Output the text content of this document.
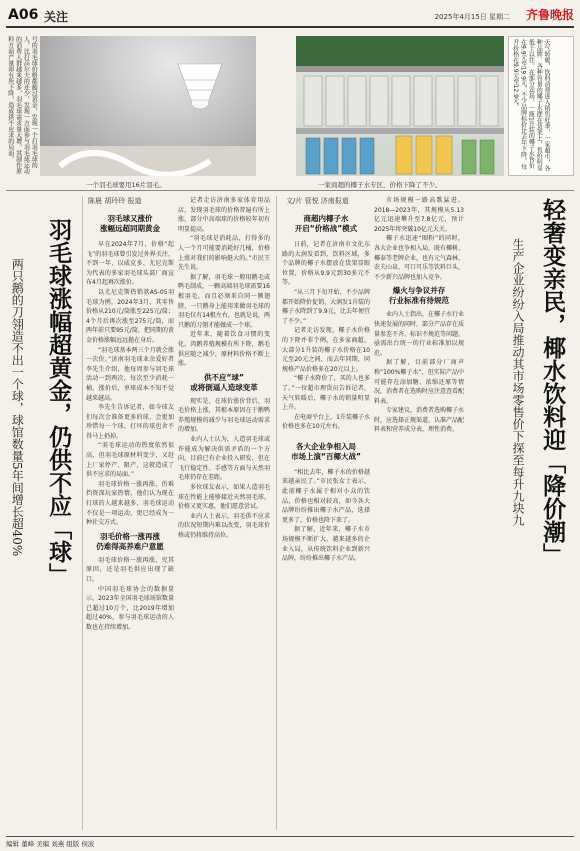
A06 关注	2025年4月15日 星期二 齐鲁晚报
号的羽毛球价格都超过黄金，发现一个打羽毛球的人，比打高尔夫的还少，发现一方面参与羽毛球运动的消费人群越来越多，羽毛球需求量大增，其制作原料方面产量却有所下降，造成供不应求的局面。
一个羽毛球要用16片羽毛。	一家商超的椰子水专区，价格下降了不少。
天气转暖，饮料消费进入销售旺季，一家超市，各种品牌、各种容量的椰子水摆在货架上，售价明显低于以往。在部分卖场，一瓶1升装的椰子水售价在9.9元至19.9元，不少品牌标价比去年下降，每升价格在9.9元至12.9元。
陈晨 胡玲玲 报道
羽毛球涨幅超黄金，仍供不应「球」
两只鹅的刀翎造不出一个球，球馆数量5年间增长超40%
羽毛球又涨价
涨幅远超同期黄金

早在2024年7月，价格“起飞”的羽毛球曾引发过外界关注，不到一年，以威克多、尤尼克斯为代表的多家羽毛球头部厂商宣布4月起再次涨价。

以尤尼克斯热销款AS-05羽毛球为例，2024年3月，其零售价格从210元/筒涨至225元/筒；4个月后再次涨至275元/筒，而两年前只要95元/筒，把同期的黄金价格涨幅远远抛在身后。

“羽毛球基本两三个月就会涨一次价。”济南羽毛球业余爱好者李先生介绍，他每周参与羽毛球活动一到两次，每次至少消耗一桶，涨价后，单球成本不知不觉越来越高。

李先生告诉记者，如今球友们每次会准备更多的球，会更加珍惜每一个球，打坏的球也舍不得马上扔掉。

“羽毛球运动的热度依然很高，但羽毛球原材料变少，又赶上厂家停产、限产，这就造成了供不应求的局面。”

羽毛球价格一涨再涨，仍难挡资深玩家热情，他们认为现在打球的人越来越多，羽毛球运动不仅是一项运动，更已经成为一种社交方式。

羽毛价格一涨再涨
仍难得高养难户意愿

羽毛球价格一涨再涨，究其原因，还是羽毛供应出现了缺口。

中国羽毛球协会的数据显示，2023年全国羽毛球场馆数量已超过10万个，比2019年增加超过40%，参与羽毛球运动的人数也在持续增加。

记者走访济南多家体育用品店，发现羽毛球的价格普遍有所上涨，部分中高端球的价格较年初有明显提高。

“羽毛球是消耗品，打得多的人一个月可能要消耗好几桶，价格上涨对我们的影响挺大的。”市民王先生说。

据了解，羽毛球一般用鹅毛或鸭毛制成，一颗高端羽毛球需要16根羽毛，而且必须来自同一侧翅膀，一只鹅身上能用来做羽毛球的羽毛仅有14根左右，也就是说，两只鹅的刀翎才能做成一个球。

近年来，随着饮食习惯的变化，肉鹅养殖规模有所下降，鹅毛供应随之减少，原材料价格不断上涨。

供不应“球”
或将倒逼人造球变革

现实是，在球价涨价背后，羽毛价格上涨，其根本原因在于鹅鸭养殖规模的减少与羽毛球运动需求的增加。

业内人士认为，人造羽毛球或许能成为解决供需矛盾的一个方向，目前已有企业投入研发，但在飞行稳定性、手感等方面与天然羽毛球仍存在差距。

多位球友表示，如果人造羽毛球在性能上能够接近天然羽毛球，价格又更实惠，他们愿意尝试。

业内人士表示，羽毛供不应求的状况短期内难以改变，羽毛球价格或仍将维持高位。

文/片 管悦 济南报道
商超内椰子水
开启“价格战”模式

日前，记者在济南市文化东路的大润发看到，饮料区域，多个品牌的椰子水摆放在货架显眼位置，价格从9.9元到30多元不等。

“从三月下旬开始，不少品牌都开始降价促销，大润发1升装的椰子水降到了9.9元，比去年便宜了不少。”

记者走访发现，椰子水价格的下降并非个例，在多家商超，大部分1升装的椰子水价格在10元至20元之间，而去年同期，同规格产品价格多在20元以上。

“椰子水降价了，买的人也多了。”一位超市理货员告诉记者，天气转暖后，椰子水的销量明显上升。

在电商平台上，1升装椰子水价格也多在10元左右。

各大企业争相入局
市场上演“百椰大战”

“相比去年，椰子水的价格越来越亲民了。”市民张女士表示，此前椰子水属于相对小众的饮品，价格也相对较高，如今各大品牌纷纷推出椰子水产品，选择更多了，价格也降下来了。

据了解，近年来，椰子水市场规模不断扩大，越来越多的企业入局，从传统饮料企业到新兴品牌，纷纷推出椰子水产品。

市场规模一路高歌猛进。2018—2023年，其规模从5.13亿元迅速攀升至7.8亿元，预计2025年将突破10亿元大关。

椰子水迅速“圈粉”的同时，各大企业也争相入局，既有椰树、椰泰等老牌企业，也有元气森林、农夫山泉、可口可乐等饮料巨头，不少新兴品牌也加入竞争。

爆火与争议并存
行业标准有待规范

业内人士指出，在椰子水行业快速发展的同时，部分产品存在质量参差不齐、标识不规范等问题，亟需出台统一的行业标准加以规范。

据了解，目前部分厂商声称“100%椰子水”，但实际产品中可能存在添加糖、浓缩还原等情况，消费者在选购时应注意查看配料表。

专家建议，消费者选购椰子水时，应选择正规渠道，认准产品配料表和营养成分表，理性消费。	轻奢变亲民，椰水饮料迎「降价潮」
生产企业纷纷入局推动其市场零售价下探至每升九块九
编辑 董峰 美编 刘燕 组版 侯波
